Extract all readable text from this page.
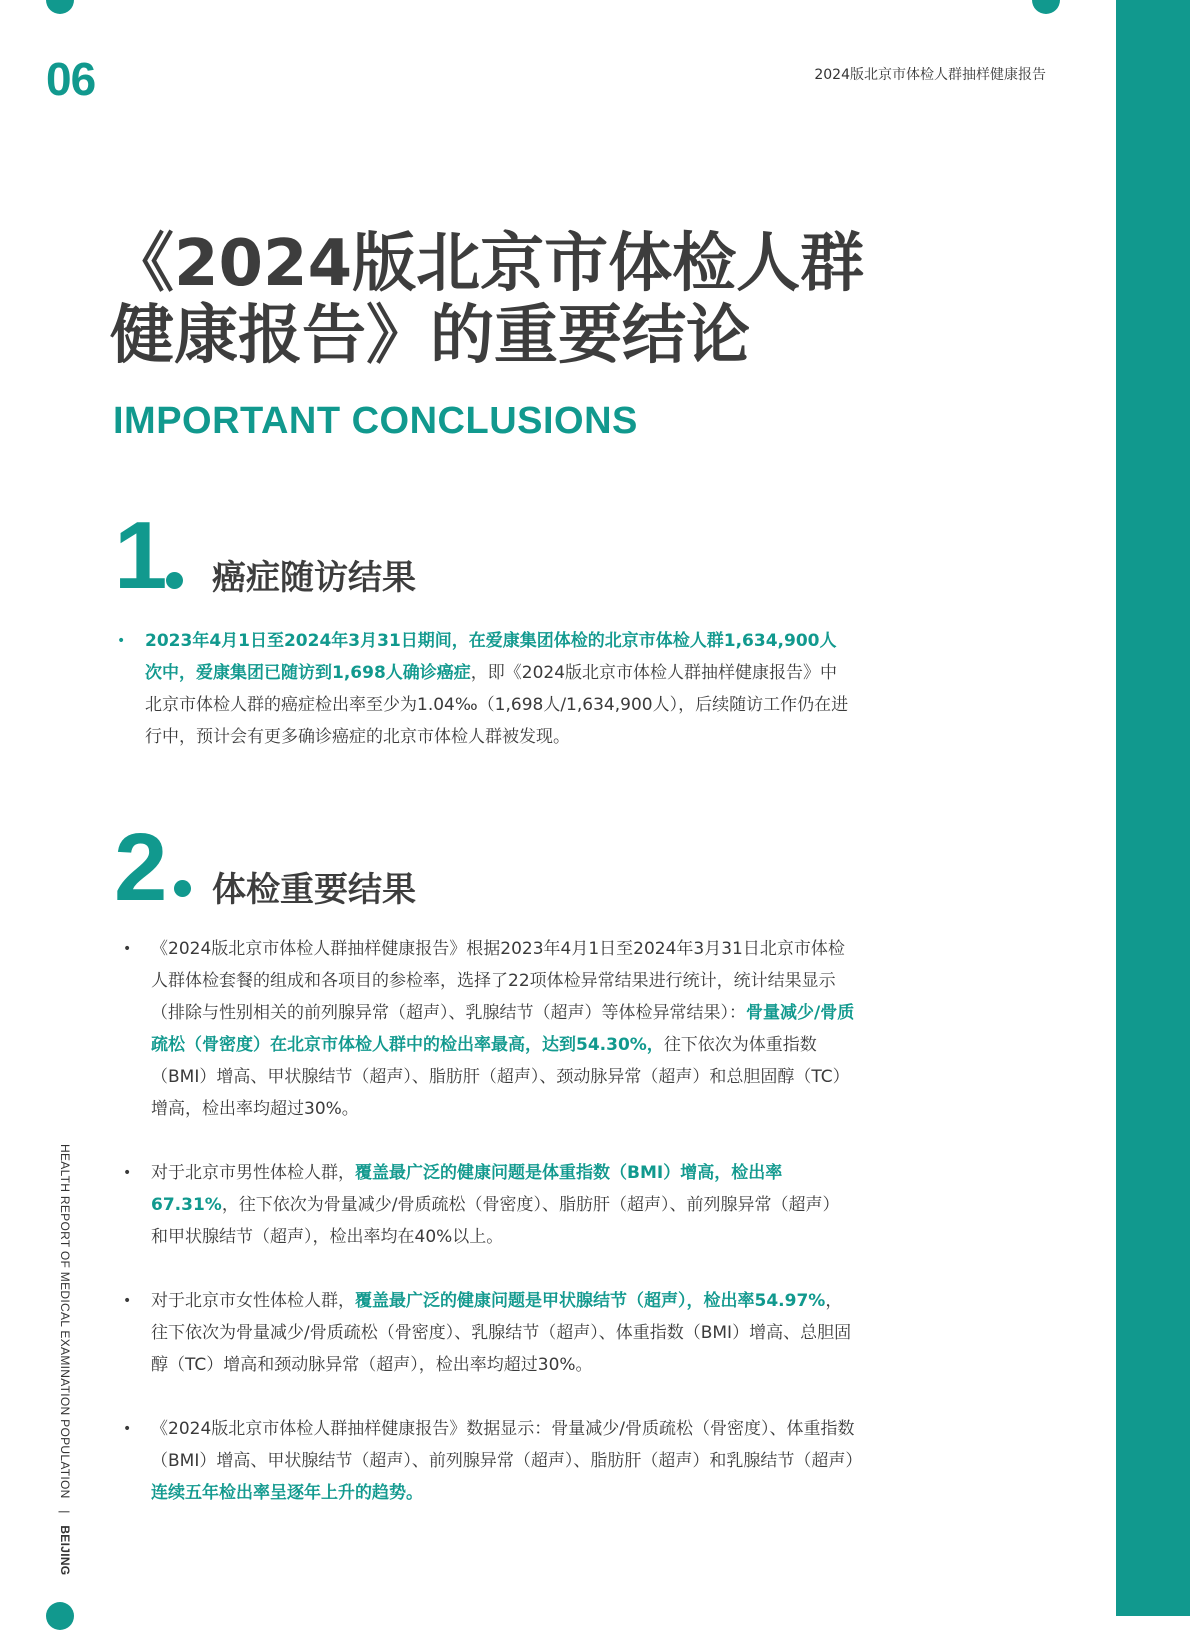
06	2024版北京市体检人群抽样健康报告
《2024版北京市体检人群
健康报告》的重要结论
IMPORTANT CONCLUSIONS
1 癌症随访结果
• 2023年4月1日至2024年3月31日期间，在爱康集团体检的北京市体检人群1,634,900人次中，爱康集团已随访到1,698人确诊癌症，即《2024版北京市体检人群抽样健康报告》中北京市体检人群的癌症检出率至少为1.04‰（1,698人/1,634,900人），后续随访工作仍在进行中，预计会有更多确诊癌症的北京市体检人群被发现。
2 体检重要结果
• 《2024版北京市体检人群抽样健康报告》根据2023年4月1日至2024年3月31日北京市体检人群体检套餐的组成和各项目的参检率，选择了22项体检异常结果进行统计，统计结果显示（排除与性别相关的前列腺异常（超声）、乳腺结节（超声）等体检异常结果）：骨量减少/骨质疏松（骨密度）在北京市体检人群中的检出率最高，达到54.30%，往下依次为体重指数（BMI）增高、甲状腺结节（超声）、脂肪肝（超声）、颈动脉异常（超声）和总胆固醇（TC）增高，检出率均超过30%。
• 对于北京市男性体检人群，覆盖最广泛的健康问题是体重指数（BMI）增高，检出率67.31%，往下依次为骨量减少/骨质疏松（骨密度）、脂肪肝（超声）、前列腺异常（超声）和甲状腺结节（超声），检出率均在40%以上。
• 对于北京市女性体检人群，覆盖最广泛的健康问题是甲状腺结节（超声），检出率54.97%，往下依次为骨量减少/骨质疏松（骨密度）、乳腺结节（超声）、体重指数（BMI）增高、总胆固醇（TC）增高和颈动脉异常（超声），检出率均超过30%。
• 《2024版北京市体检人群抽样健康报告》数据显示：骨量减少/骨质疏松（骨密度）、体重指数（BMI）增高、甲状腺结节（超声）、前列腺异常（超声）、脂肪肝（超声）和乳腺结节（超声）连续五年检出率呈逐年上升的趋势。
HEALTH REPORT OF MEDICAL EXAMINATION POPULATION | BEIJING
